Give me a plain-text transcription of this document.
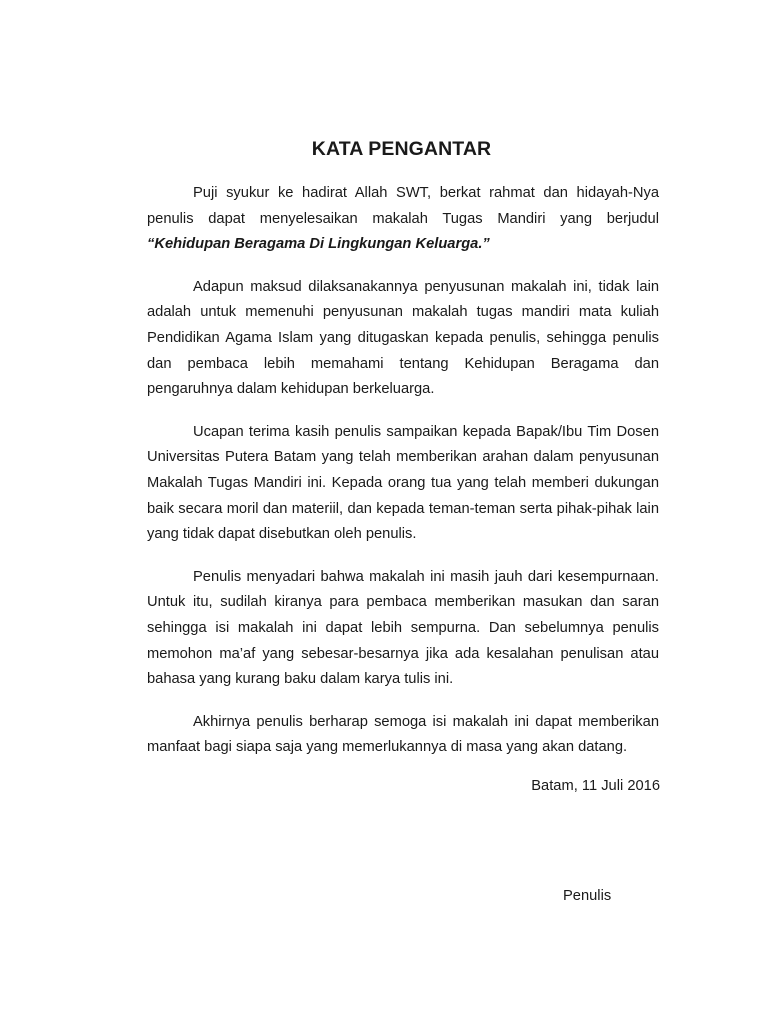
KATA PENGANTAR

Puji syukur ke hadirat Allah SWT, berkat rahmat dan hidayah-Nya penulis dapat menyelesaikan makalah Tugas Mandiri yang berjudul “Kehidupan Beragama Di Lingkungan Keluarga.”

Adapun maksud dilaksanakannya penyusunan makalah ini, tidak lain adalah untuk memenuhi penyusunan makalah tugas mandiri mata kuliah Pendidikan Agama Islam yang ditugaskan kepada penulis, sehingga penulis dan pembaca lebih memahami tentang Kehidupan Beragama dan pengaruhnya dalam kehidupan berkeluarga.

Ucapan terima kasih penulis sampaikan kepada Bapak/Ibu Tim Dosen Universitas Putera Batam yang telah memberikan arahan dalam penyusunan Makalah Tugas Mandiri ini. Kepada orang tua yang telah memberi dukungan baik secara moril dan materiil, dan kepada teman-teman serta pihak-pihak lain yang tidak dapat disebutkan oleh penulis.

Penulis menyadari bahwa makalah ini masih jauh dari kesempurnaan. Untuk itu, sudilah kiranya para pembaca memberikan masukan dan saran sehingga isi makalah ini dapat lebih sempurna. Dan sebelumnya penulis memohon ma’af yang sebesar-besarnya jika ada kesalahan penulisan atau bahasa yang kurang baku dalam karya tulis ini.

Akhirnya penulis berharap semoga isi makalah ini dapat memberikan manfaat bagi siapa saja yang memerlukannya di masa yang akan datang.

Batam, 11 Juli 2016
Penulis
